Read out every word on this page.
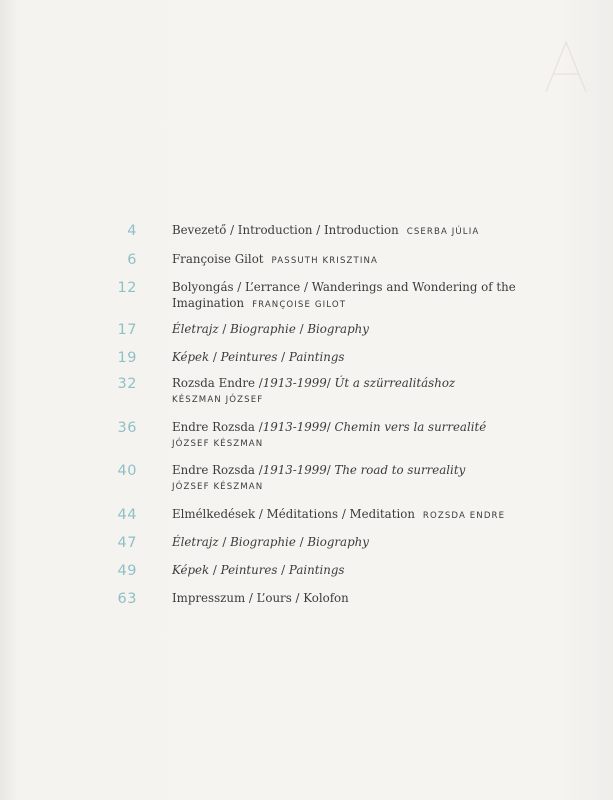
4	Bevezető / Introduction / Introduction CSERBA JÚLIA
6	Françoise Gilot PASSUTH KRISZTINA
12	Bolyongás / L’errance / Wanderings and Wondering of the Imagination FRANÇOISE GILOT
17	Életrajz / Biographie / Biography
19	Képek / Peintures / Paintings
32	Rozsda Endre /1913-1999/ Út a szürrealitáshoz
KÉSZMAN JÓZSEF
36	Endre Rozsda /1913-1999/ Chemin vers la surrealité
JÓZSEF KÉSZMAN
40	Endre Rozsda /1913-1999/ The road to surreality
JÓZSEF KÉSZMAN
44	Elmélkedések / Méditations / Meditation ROZSDA ENDRE
47	Életrajz / Biographie / Biography
49	Képek / Peintures / Paintings
63	Impresszum / L’ours / Kolofon
